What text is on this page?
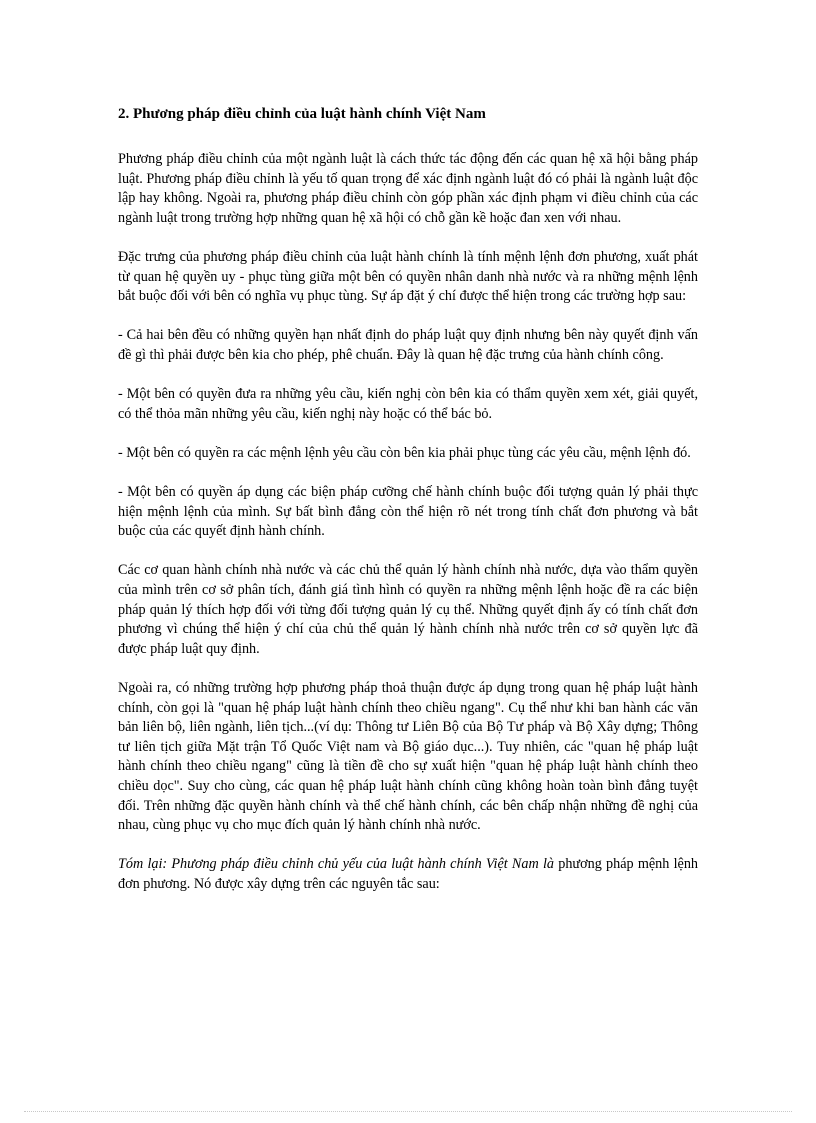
2. Phương pháp điều chỉnh của luật hành chính Việt Nam

Phương pháp điều chỉnh của một ngành luật là cách thức tác động đến các quan hệ xã hội bằng pháp luật. Phương pháp điều chỉnh là yếu tố quan trọng để xác định ngành luật đó có phải là ngành luật độc lập hay không. Ngoài ra, phương pháp điều chỉnh còn góp phần xác định phạm vi điều chỉnh của các ngành luật trong trường hợp những quan hệ xã hội có chỗ gần kề hoặc đan xen với nhau.

Đặc trưng của phương pháp điều chỉnh của luật hành chính là tính mệnh lệnh đơn phương, xuất phát từ quan hệ quyền uy - phục tùng giữa một bên có quyền nhân danh nhà nước và ra những mệnh lệnh bắt buộc đối với bên có nghĩa vụ phục tùng. Sự áp đặt ý chí được thể hiện trong các trường hợp sau:

- Cả hai bên đều có những quyền hạn nhất định do pháp luật quy định nhưng bên này quyết định vấn đề gì thì phải được bên kia cho phép, phê chuẩn. Đây là quan hệ đặc trưng của hành chính công.

- Một bên có quyền đưa ra những yêu cầu, kiến nghị còn bên kia có thẩm quyền xem xét, giải quyết, có thể thỏa mãn những yêu cầu, kiến nghị này hoặc có thể bác bỏ.

- Một bên có quyền ra các mệnh lệnh yêu cầu còn bên kia phải phục tùng các yêu cầu, mệnh lệnh đó.

- Một bên có quyền áp dụng các biện pháp cưỡng chế hành chính buộc đối tượng quản lý phải thực hiện mệnh lệnh của mình. Sự bất bình đẳng còn thể hiện rõ nét trong tính chất đơn phương và bắt buộc của các quyết định hành chính.

Các cơ quan hành chính nhà nước và các chủ thể quản lý hành chính nhà nước, dựa vào thẩm quyền của mình trên cơ sở phân tích, đánh giá tình hình có quyền ra những mệnh lệnh hoặc đề ra các biện pháp quản lý thích hợp đối với từng đối tượng quản lý cụ thể. Những quyết định ấy có tính chất đơn phương vì chúng thể hiện ý chí của chủ thể quản lý hành chính nhà nước trên cơ sở quyền lực đã được pháp luật quy định.

Ngoài ra, có những trường hợp phương pháp thoả thuận được áp dụng trong quan hệ pháp luật hành chính, còn gọi là "quan hệ pháp luật hành chính theo chiều ngang". Cụ thể như khi ban hành các văn bản liên bộ, liên ngành, liên tịch...(ví dụ: Thông tư Liên Bộ của Bộ Tư pháp và Bộ Xây dựng; Thông tư liên tịch giữa Mặt trận Tổ Quốc Việt nam và Bộ giáo dục...). Tuy nhiên, các "quan hệ pháp luật hành chính theo chiều ngang" cũng là tiền đề cho sự xuất hiện "quan hệ pháp luật hành chính theo chiều dọc". Suy cho cùng, các quan hệ pháp luật hành chính cũng không hoàn toàn bình đẳng tuyệt đối. Trên những đặc quyền hành chính và thể chế hành chính, các bên chấp nhận những đề nghị của nhau, cùng phục vụ cho mục đích quản lý hành chính nhà nước.

Tóm lại: Phương pháp điều chỉnh chủ yếu của luật hành chính Việt Nam là phương pháp mệnh lệnh đơn phương. Nó được xây dựng trên các nguyên tắc sau:
